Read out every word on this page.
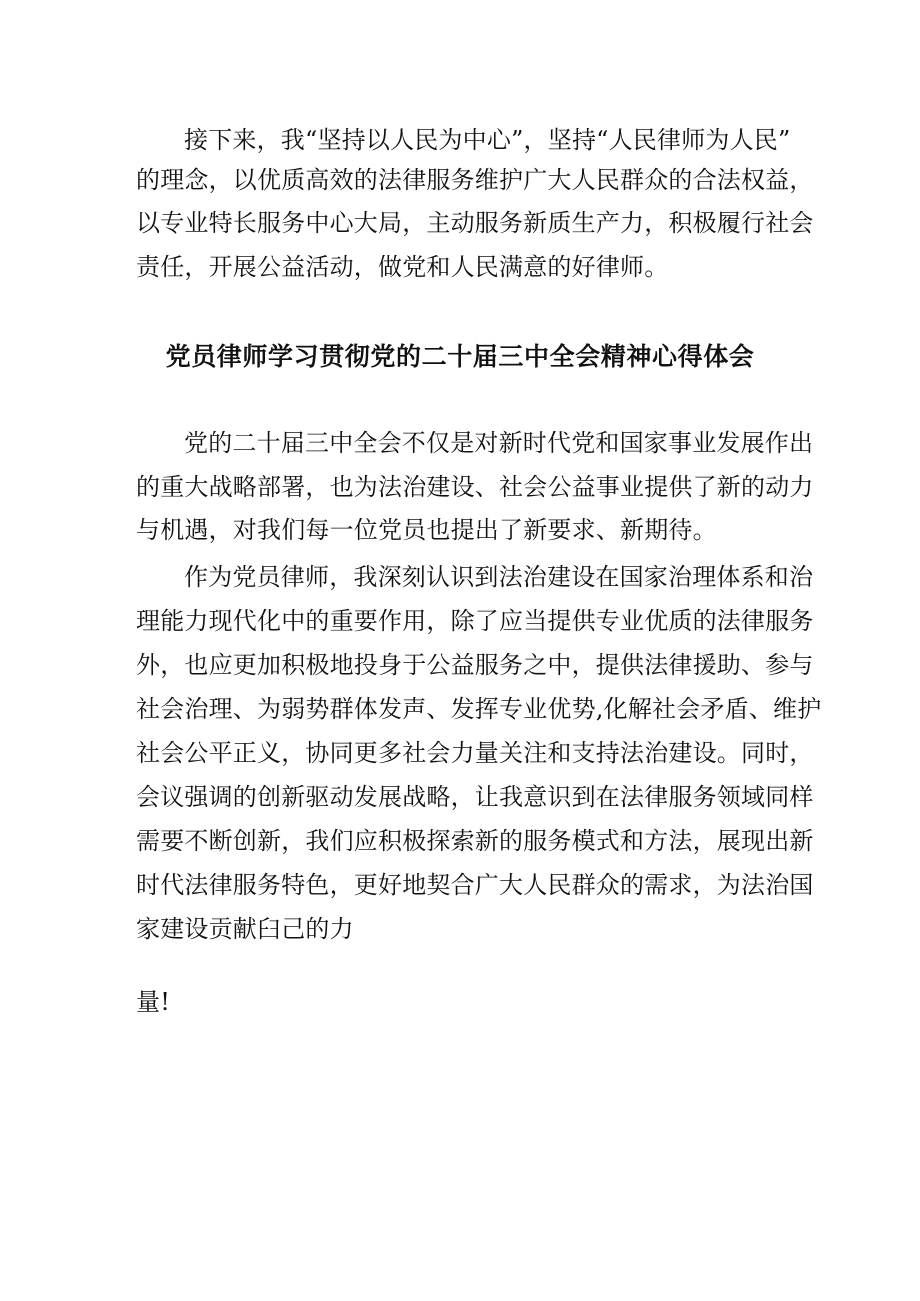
接下来，我“坚持以人民为中心”，坚持“人民律师为人民”
的理念，以优质高效的法律服务维护广大人民群众的合法权益，
以专业特长服务中心大局，主动服务新质生产力，积极履行社会
责任，开展公益活动，做党和人民满意的好律师。
党员律师学习贯彻党的二十届三中全会精神心得体会
党的二十届三中全会不仅是对新时代党和国家事业发展作出
的重大战略部署，也为法治建设、社会公益事业提供了新的动力
与机遇，对我们每一位党员也提出了新要求、新期待。
作为党员律师，我深刻认识到法治建设在国家治理体系和治
理能力现代化中的重要作用，除了应当提供专业优质的法律服务
外，也应更加积极地投身于公益服务之中，提供法律援助、参与
社会治理、为弱势群体发声、发挥专业优势,化解社会矛盾、维护
社会公平正义，协同更多社会力量关注和支持法治建设。同时，
会议强调的创新驱动发展战略，让我意识到在法律服务领域同样
需要不断创新，我们应积极探索新的服务模式和方法，展现出新
时代法律服务特色，更好地契合广大人民群众的需求，为法治国
家建设贡献臼己的力
量!
